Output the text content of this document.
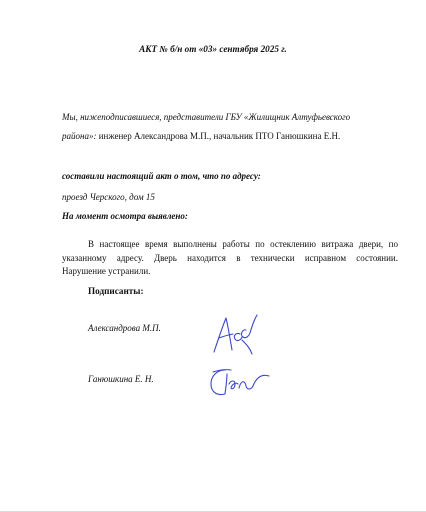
АКТ № б/н от «03» сентября 2025 г.
Мы, нижеподписавшиеся, представители ГБУ «Жилищник Алтуфьевского
района»: инженер Александрова М.П., начальник ПТО Ганюшкина Е.Н.
составили настоящий акт о том, что по адресу:
проезд Черского, дом 15
На момент осмотра выявлено:
В настоящее время выполнены работы по остеклению витража двери, по
указанному адресу. Дверь находится в технически исправном состоянии.
Нарушение устранили.
Подписанты:
Александрова М.П.
Ганюшкина Е. Н.
